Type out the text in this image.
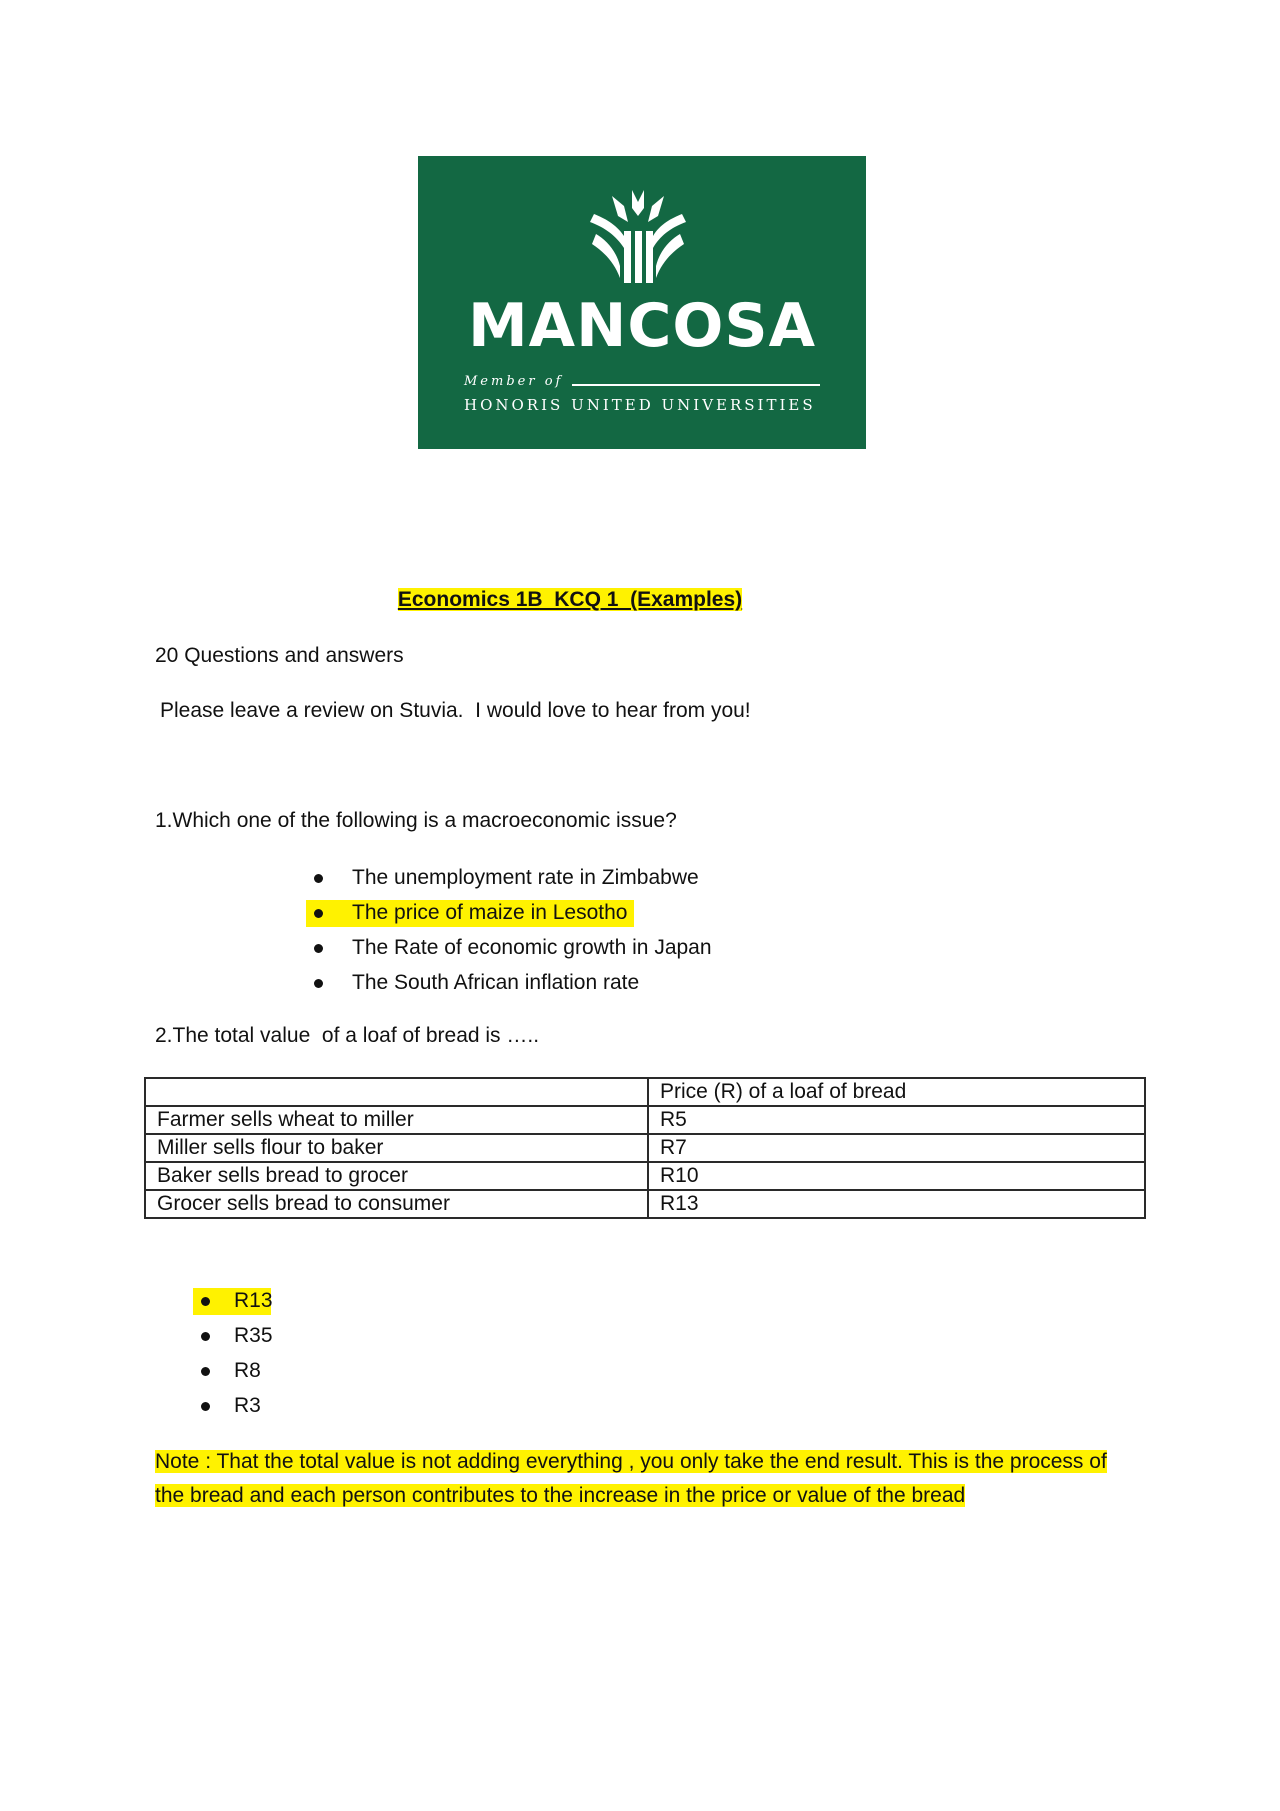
MANCOSA
Member of
HONORIS UNITED UNIVERSITIES
Economics 1B  KCQ 1  (Examples)
20 Questions and answers
Please leave a review on Stuvia.  I would love to hear from you!
1.Which one of the following is a macroeconomic issue?
The unemployment rate in Zimbabwe
The price of maize in Lesotho
The Rate of economic growth in Japan
The South African inflation rate
2.The total value  of a loaf of bread is …..
	Price (R) of a loaf of bread
Farmer sells wheat to miller	R5
Miller sells flour to baker	R7
Baker sells bread to grocer	R10
Grocer sells bread to consumer	R13
R13
R35
R8
R3
Note : That the total value is not adding everything , you only take the end result. This is the process of the bread and each person contributes to the increase in the price or value of the bread
